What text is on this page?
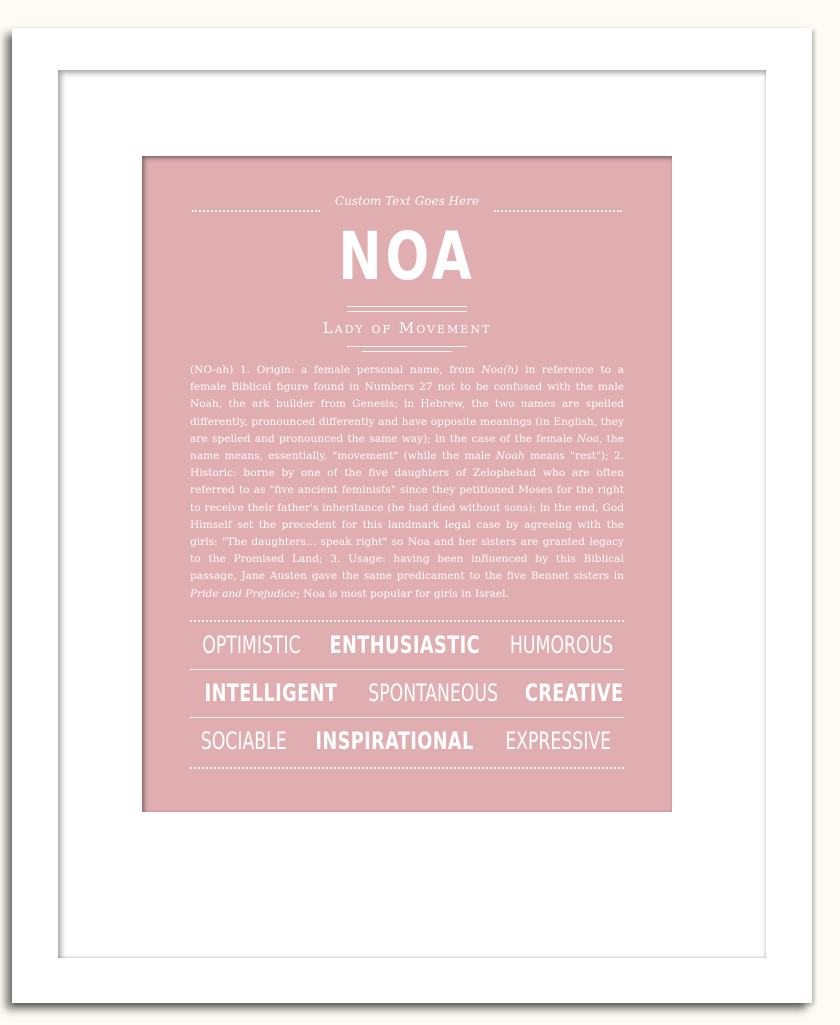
Custom Text Goes Here
NOA
Lady of Movement
(NO-ah) 1. Origin: a female personal name, from Noa(h) in reference to a female Biblical figure found in Numbers 27 not to be confused with the male Noah, the ark builder from Genesis; in Hebrew, the two names are spelled differently, pronounced differently and have opposite meanings (in English, they are spelled and pronounced the same way); in the case of the female Noa, the name means, essentially, "movement" (while the male Noah means "rest"); 2. Historic: borne by one of the five daughters of Zelophehad who are often referred to as "five ancient feminists" since they petitioned Moses for the right to receive their father's inheritance (he had died without sons); in the end, God Himself set the precedent for this landmark legal case by agreeing with the girls: "The daughters... speak right" so Noa and her sisters are granted legacy to the Promised Land; 3. Usage: having been influenced by this Biblical passage, Jane Austen gave the same predicament to the five Bennet sisters in Pride and Prejudice; Noa is most popular for girls in Israel.
OPTIMISTIC ENTHUSIASTIC HUMOROUS
INTELLIGENT SPONTANEOUS CREATIVE
SOCIABLE INSPIRATIONAL EXPRESSIVE
